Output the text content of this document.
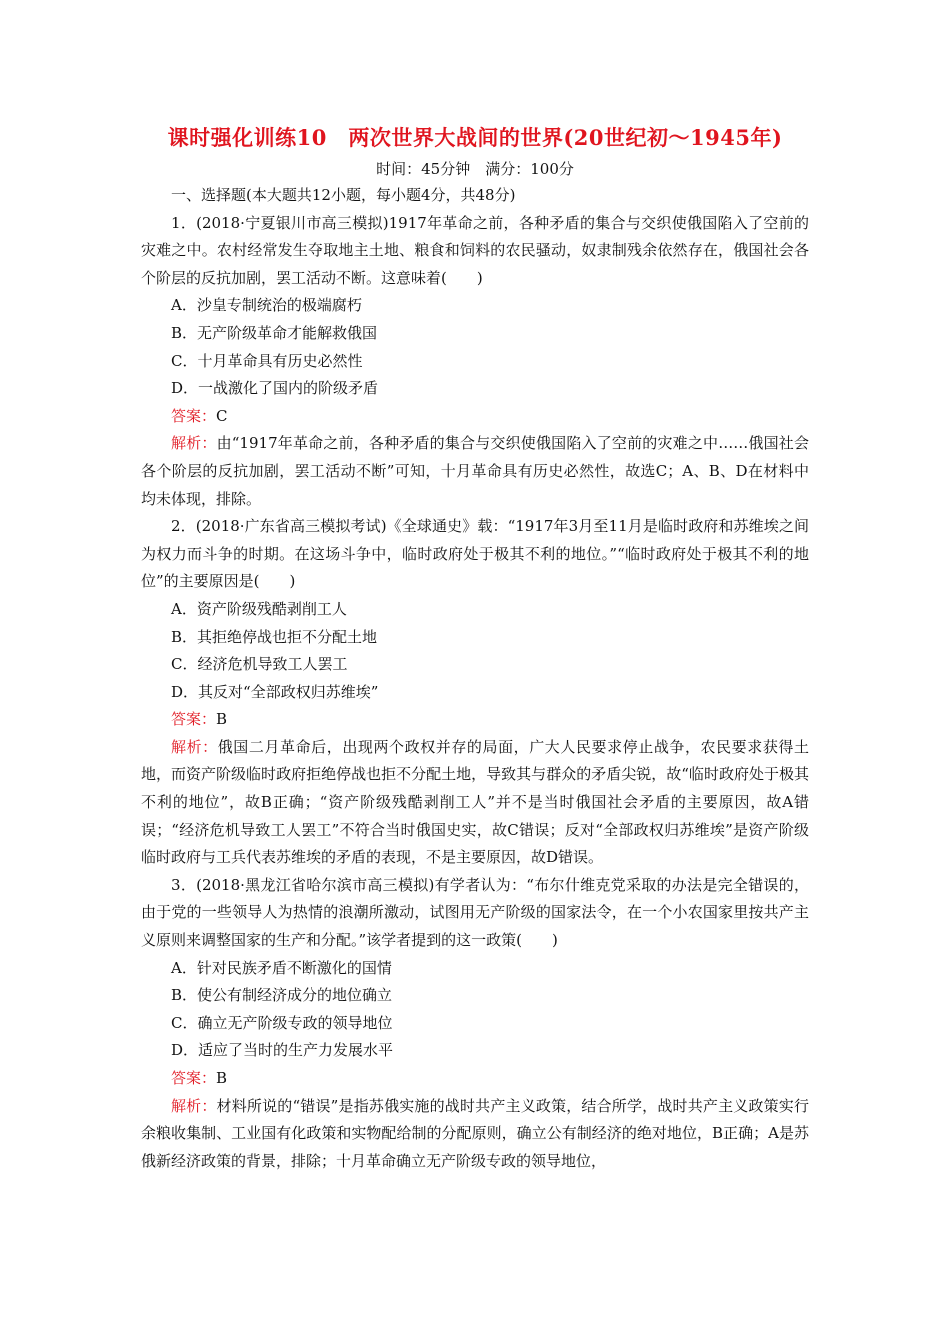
课时强化训练10　两次世界大战间的世界(20世纪初～1945年)
时间：45分钟　满分：100分

一、选择题(本大题共12小题，每小题4分，共48分)

1．(2018·宁夏银川市高三模拟)1917年革命之前，各种矛盾的集合与交织使俄国陷入了空前的灾难之中。农村经常发生夺取地主土地、粮食和饲料的农民骚动，奴隶制残余依然存在，俄国社会各个阶层的反抗加剧，罢工活动不断。这意味着(　　)

A．沙皇专制统治的极端腐朽

B．无产阶级革命才能解救俄国

C．十月革命具有历史必然性

D．一战激化了国内的阶级矛盾

答案：C

解析：由“1917年革命之前，各种矛盾的集合与交织使俄国陷入了空前的灾难之中……俄国社会各个阶层的反抗加剧，罢工活动不断”可知，十月革命具有历史必然性，故选C；A、B、D在材料中均未体现，排除。

2．(2018·广东省高三模拟考试)《全球通史》载：“1917年3月至11月是临时政府和苏维埃之间为权力而斗争的时期。在这场斗争中，临时政府处于极其不利的地位。”“临时政府处于极其不利的地位”的主要原因是(　　)

A．资产阶级残酷剥削工人

B．其拒绝停战也拒不分配土地

C．经济危机导致工人罢工

D．其反对“全部政权归苏维埃”

答案：B

解析：俄国二月革命后，出现两个政权并存的局面，广大人民要求停止战争，农民要求获得土地，而资产阶级临时政府拒绝停战也拒不分配土地，导致其与群众的矛盾尖锐，故“临时政府处于极其不利的地位”，故B正确；“资产阶级残酷剥削工人”并不是当时俄国社会矛盾的主要原因，故A错误；“经济危机导致工人罢工”不符合当时俄国史实，故C错误；反对“全部政权归苏维埃”是资产阶级临时政府与工兵代表苏维埃的矛盾的表现，不是主要原因，故D错误。

3．(2018·黑龙江省哈尔滨市高三模拟)有学者认为：“布尔什维克党采取的办法是完全错误的，由于党的一些领导人为热情的浪潮所激动，试图用无产阶级的国家法令，在一个小农国家里按共产主义原则来调整国家的生产和分配。”该学者提到的这一政策(　　)

A．针对民族矛盾不断激化的国情

B．使公有制经济成分的地位确立

C．确立无产阶级专政的领导地位

D．适应了当时的生产力发展水平

答案：B

解析：材料所说的“错误”是指苏俄实施的战时共产主义政策，结合所学，战时共产主义政策实行余粮收集制、工业国有化政策和实物配给制的分配原则，确立公有制经济的绝对地位，B正确；A是苏俄新经济政策的背景，排除；十月革命确立无产阶级专政的领导地位，
